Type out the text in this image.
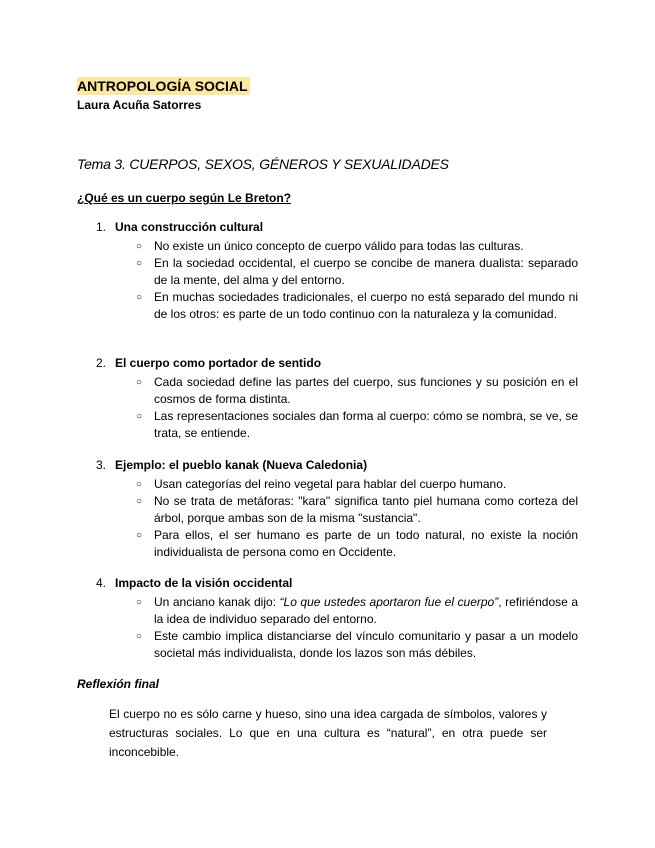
ANTROPOLOGÍA SOCIAL
Laura Acuña Satorres
Tema 3. CUERPOS, SEXOS, GÉNEROS Y SEXUALIDADES
¿Qué es un cuerpo según Le Breton?
1. Una construcción cultural
○ No existe un único concepto de cuerpo válido para todas las culturas.
○ En la sociedad occidental, el cuerpo se concibe de manera dualista: separado de la mente, del alma y del entorno.
○ En muchas sociedades tradicionales, el cuerpo no está separado del mundo ni de los otros: es parte de un todo continuo con la naturaleza y la comunidad.
2. El cuerpo como portador de sentido
○ Cada sociedad define las partes del cuerpo, sus funciones y su posición en el cosmos de forma distinta.
○ Las representaciones sociales dan forma al cuerpo: cómo se nombra, se ve, se trata, se entiende.
3. Ejemplo: el pueblo kanak (Nueva Caledonia)
○ Usan categorías del reino vegetal para hablar del cuerpo humano.
○ No se trata de metáforas: "kara" significa tanto piel humana como corteza del árbol, porque ambas son de la misma "sustancia".
○ Para ellos, el ser humano es parte de un todo natural, no existe la noción individualista de persona como en Occidente.
4. Impacto de la visión occidental
○ Un anciano kanak dijo: “Lo que ustedes aportaron fue el cuerpo”, refiriéndose a la idea de individuo separado del entorno.
○ Este cambio implica distanciarse del vínculo comunitario y pasar a un modelo societal más individualista, donde los lazos son más débiles.
Reflexión final
El cuerpo no es sólo carne y hueso, sino una idea cargada de símbolos, valores y estructuras sociales. Lo que en una cultura es “natural”, en otra puede ser inconcebible.
